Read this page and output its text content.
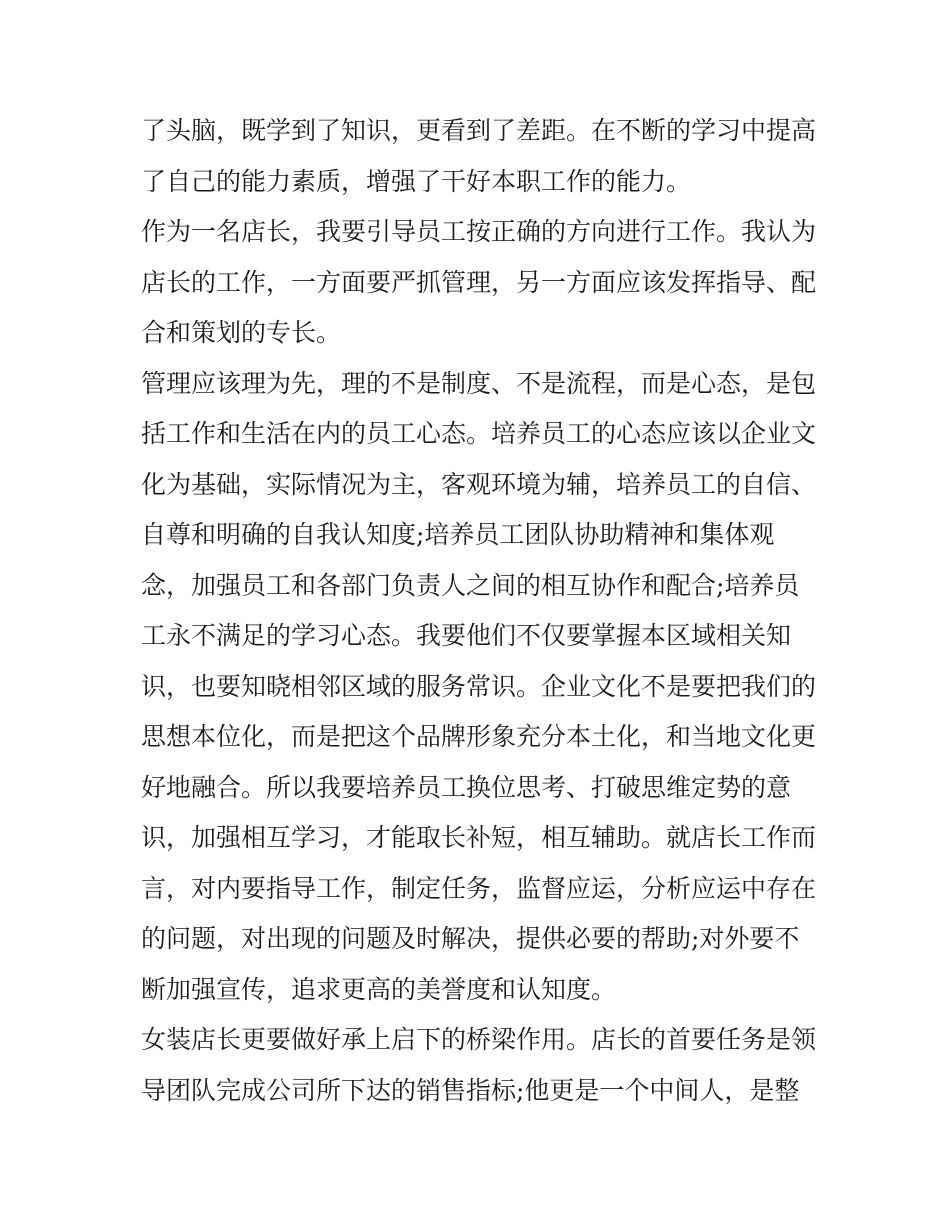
了头脑，既学到了知识，更看到了差距。在不断的学习中提高
了自己的能力素质，增强了干好本职工作的能力。
作为一名店长，我要引导员工按正确的方向进行工作。我认为
店长的工作，一方面要严抓管理，另一方面应该发挥指导、配
合和策划的专长。
管理应该理为先，理的不是制度、不是流程，而是心态，是包
括工作和生活在内的员工心态。培养员工的心态应该以企业文
化为基础，实际情况为主，客观环境为辅，培养员工的自信、
自尊和明确的自我认知度;培养员工团队协助精神和集体观
念，加强员工和各部门负责人之间的相互协作和配合;培养员
工永不满足的学习心态。我要他们不仅要掌握本区域相关知
识，也要知晓相邻区域的服务常识。企业文化不是要把我们的
思想本位化，而是把这个品牌形象充分本土化，和当地文化更
好地融合。所以我要培养员工换位思考、打破思维定势的意
识，加强相互学习，才能取长补短，相互辅助。就店长工作而
言，对内要指导工作，制定任务，监督应运，分析应运中存在
的问题，对出现的问题及时解决，提供必要的帮助;对外要不
断加强宣传，追求更高的美誉度和认知度。
女装店长更要做好承上启下的桥梁作用。店长的首要任务是领
导团队完成公司所下达的销售指标;他更是一个中间人，是整
